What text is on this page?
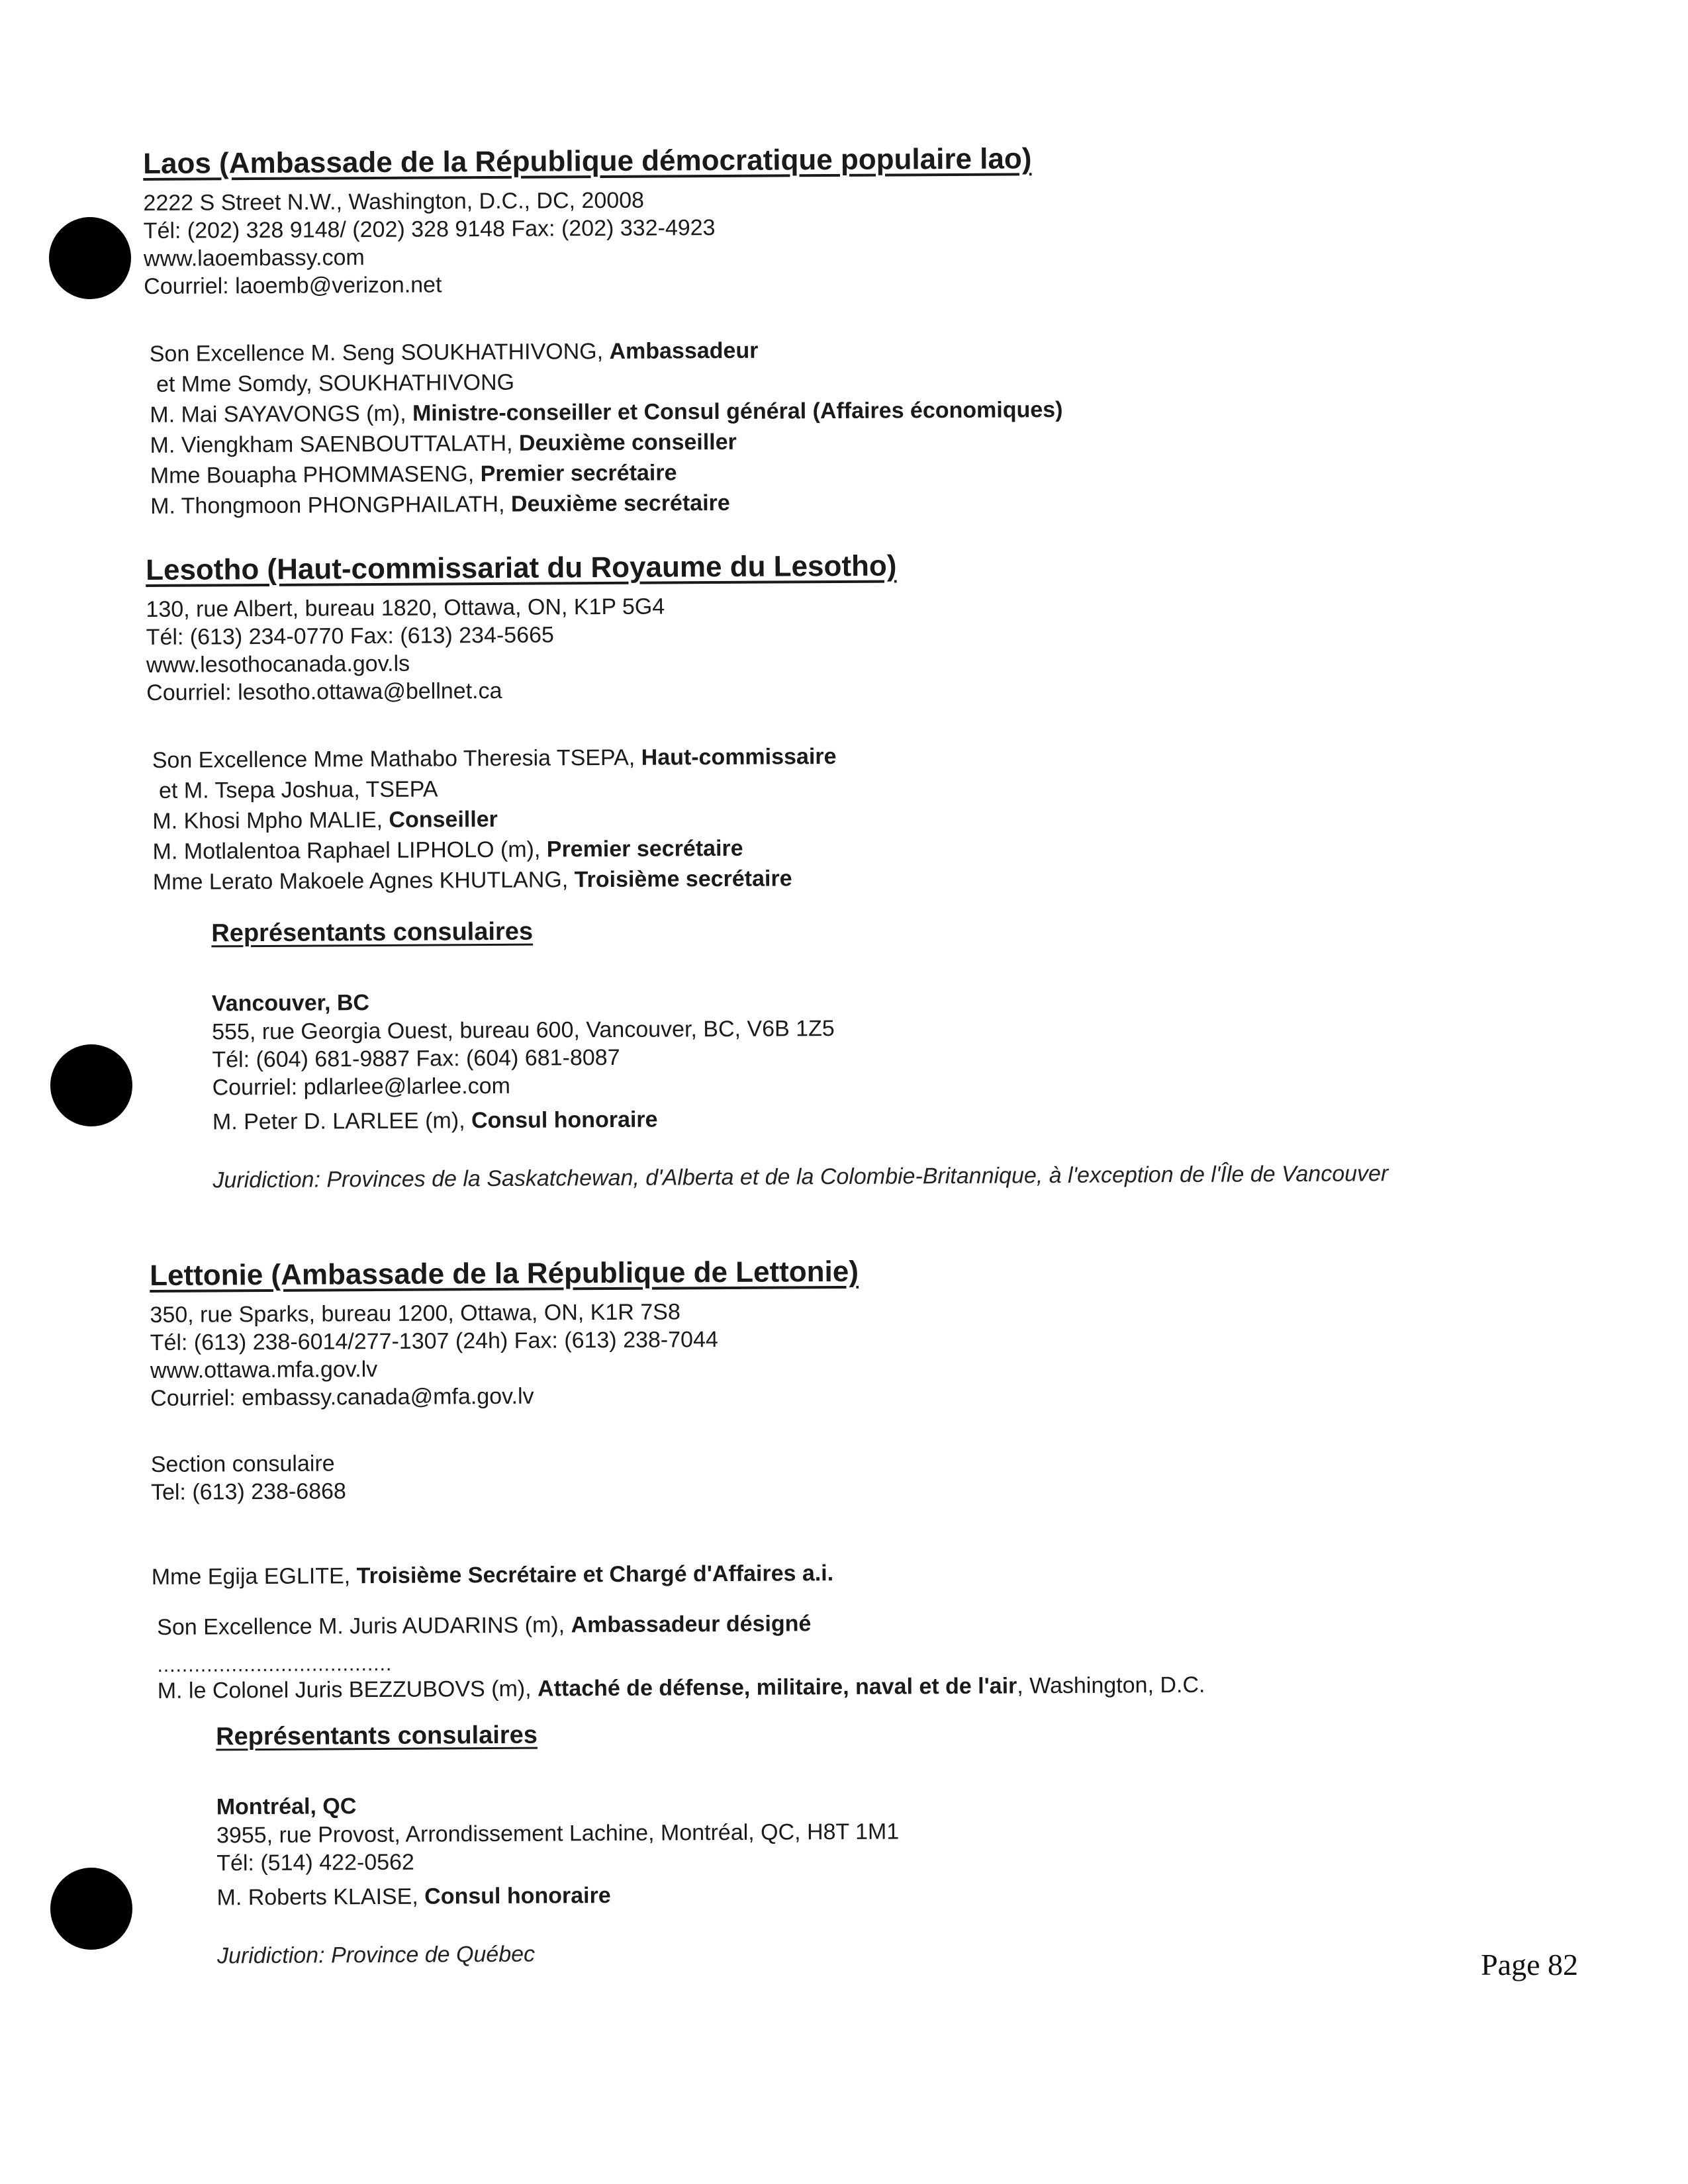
Laos (Ambassade de la République démocratique populaire lao)

2222 S Street N.W., Washington, D.C., DC, 20008

Tél: (202) 328 9148/ (202) 328 9148 Fax: (202) 332-4923

www.laoembassy.com

Courriel: laoemb@verizon.net

Son Excellence M. Seng SOUKHATHIVONG, Ambassadeur

et Mme Somdy, SOUKHATHIVONG

M. Mai SAYAVONGS (m), Ministre-conseiller et Consul général (Affaires économiques)

M. Viengkham SAENBOUTTALATH, Deuxième conseiller

Mme Bouapha PHOMMASENG, Premier secrétaire

M. Thongmoon PHONGPHAILATH, Deuxième secrétaire

Lesotho (Haut-commissariat du Royaume du Lesotho)

130, rue Albert, bureau 1820, Ottawa, ON, K1P 5G4

Tél: (613) 234-0770 Fax: (613) 234-5665

www.lesothocanada.gov.ls

Courriel: lesotho.ottawa@bellnet.ca

Son Excellence Mme Mathabo Theresia TSEPA, Haut-commissaire

et M. Tsepa Joshua, TSEPA

M. Khosi Mpho MALIE, Conseiller

M. Motlalentoa Raphael LIPHOLO (m), Premier secrétaire

Mme Lerato Makoele Agnes KHUTLANG, Troisième secrétaire

Représentants consulaires

Vancouver, BC

555, rue Georgia Ouest, bureau 600, Vancouver, BC, V6B 1Z5

Tél: (604) 681-9887 Fax: (604) 681-8087

Courriel: pdlarlee@larlee.com

M. Peter D. LARLEE (m), Consul honoraire

Juridiction: Provinces de la Saskatchewan, d'Alberta et de la Colombie-Britannique, à l'exception de l'Île de Vancouver

Lettonie (Ambassade de la République de Lettonie)

350, rue Sparks, bureau 1200, Ottawa, ON, K1R 7S8

Tél: (613) 238-6014/277-1307 (24h) Fax: (613) 238-7044

www.ottawa.mfa.gov.lv

Courriel: embassy.canada@mfa.gov.lv

Section consulaire

Tel: (613) 238-6868

Mme Egija EGLITE, Troisième Secrétaire et Chargé d'Affaires a.i.

Son Excellence M. Juris AUDARINS (m), Ambassadeur désigné

......................................

M. le Colonel Juris BEZZUBOVS (m), Attaché de défense, militaire, naval et de l'air, Washington, D.C.

Représentants consulaires

Montréal, QC

3955, rue Provost, Arrondissement Lachine, Montréal, QC, H8T 1M1

Tél: (514) 422-0562

M. Roberts KLAISE, Consul honoraire

Juridiction: Province de Québec	Page 82
